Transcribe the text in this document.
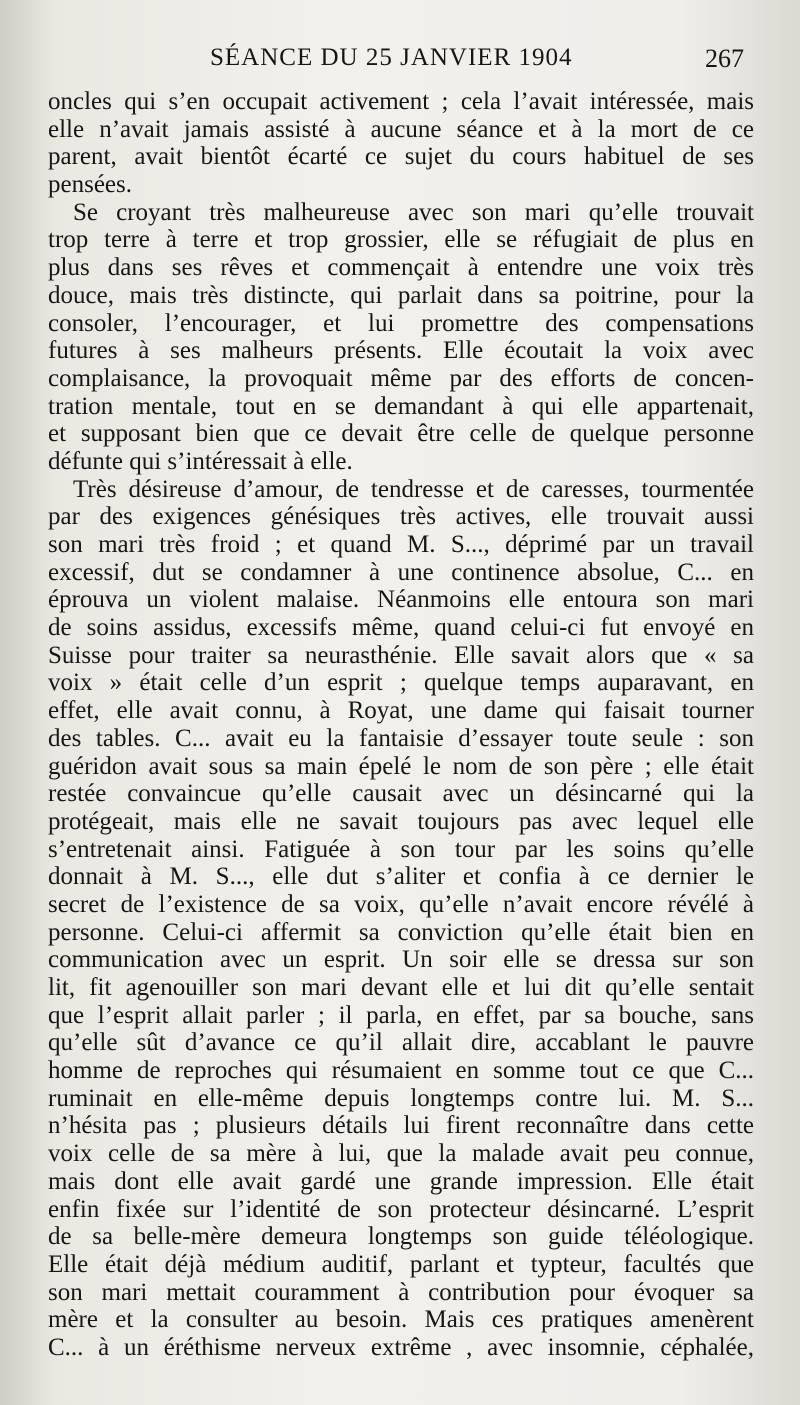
SÉANCE DU 25 JANVIER 1904	267
oncles qui s’en occupait activement ; cela l’avait intéressée, mais
elle n’avait jamais assisté à aucune séance et à la mort de ce
parent, avait bientôt écarté ce sujet du cours habituel de ses
pensées.
Se croyant très malheureuse avec son mari qu’elle trouvait
trop terre à terre et trop grossier, elle se réfugiait de plus en
plus dans ses rêves et commençait à entendre une voix très
douce, mais très distincte, qui parlait dans sa poitrine, pour la
consoler, l’encourager, et lui promettre des compensations
futures à ses malheurs présents. Elle écoutait la voix avec
complaisance, la provoquait même par des efforts de concen-
tration mentale, tout en se demandant à qui elle appartenait,
et supposant bien que ce devait être celle de quelque personne
défunte qui s’intéressait à elle.
Très désireuse d’amour, de tendresse et de caresses, tourmentée
par des exigences génésiques très actives, elle trouvait aussi
son mari très froid ; et quand M. S..., déprimé par un travail
excessif, dut se condamner à une continence absolue, C... en
éprouva un violent malaise. Néanmoins elle entoura son mari
de soins assidus, excessifs même, quand celui-ci fut envoyé en
Suisse pour traiter sa neurasthénie. Elle savait alors que « sa
voix » était celle d’un esprit ; quelque temps auparavant, en
effet, elle avait connu, à Royat, une dame qui faisait tourner
des tables. C... avait eu la fantaisie d’essayer toute seule : son
guéridon avait sous sa main épelé le nom de son père ; elle était
restée convaincue qu’elle causait avec un désincarné qui la
protégeait, mais elle ne savait toujours pas avec lequel elle
s’entretenait ainsi. Fatiguée à son tour par les soins qu’elle
donnait à M. S..., elle dut s’aliter et confia à ce dernier le
secret de l’existence de sa voix, qu’elle n’avait encore révélé à
personne. Celui-ci affermit sa conviction qu’elle était bien en
communication avec un esprit. Un soir elle se dressa sur son
lit, fit agenouiller son mari devant elle et lui dit qu’elle sentait
que l’esprit allait parler ; il parla, en effet, par sa bouche, sans
qu’elle sût d’avance ce qu’il allait dire, accablant le pauvre
homme de reproches qui résumaient en somme tout ce que C...
ruminait en elle-même depuis longtemps contre lui. M. S...
n’hésita pas ; plusieurs détails lui firent reconnaître dans cette
voix celle de sa mère à lui, que la malade avait peu connue,
mais dont elle avait gardé une grande impression. Elle était
enfin fixée sur l’identité de son protecteur désincarné. L’esprit
de sa belle-mère demeura longtemps son guide téléologique.
Elle était déjà médium auditif, parlant et typteur, facultés que
son mari mettait couramment à contribution pour évoquer sa
mère et la consulter au besoin. Mais ces pratiques amenèrent
C... à un éréthisme nerveux extrême , avec insomnie, céphalée,
